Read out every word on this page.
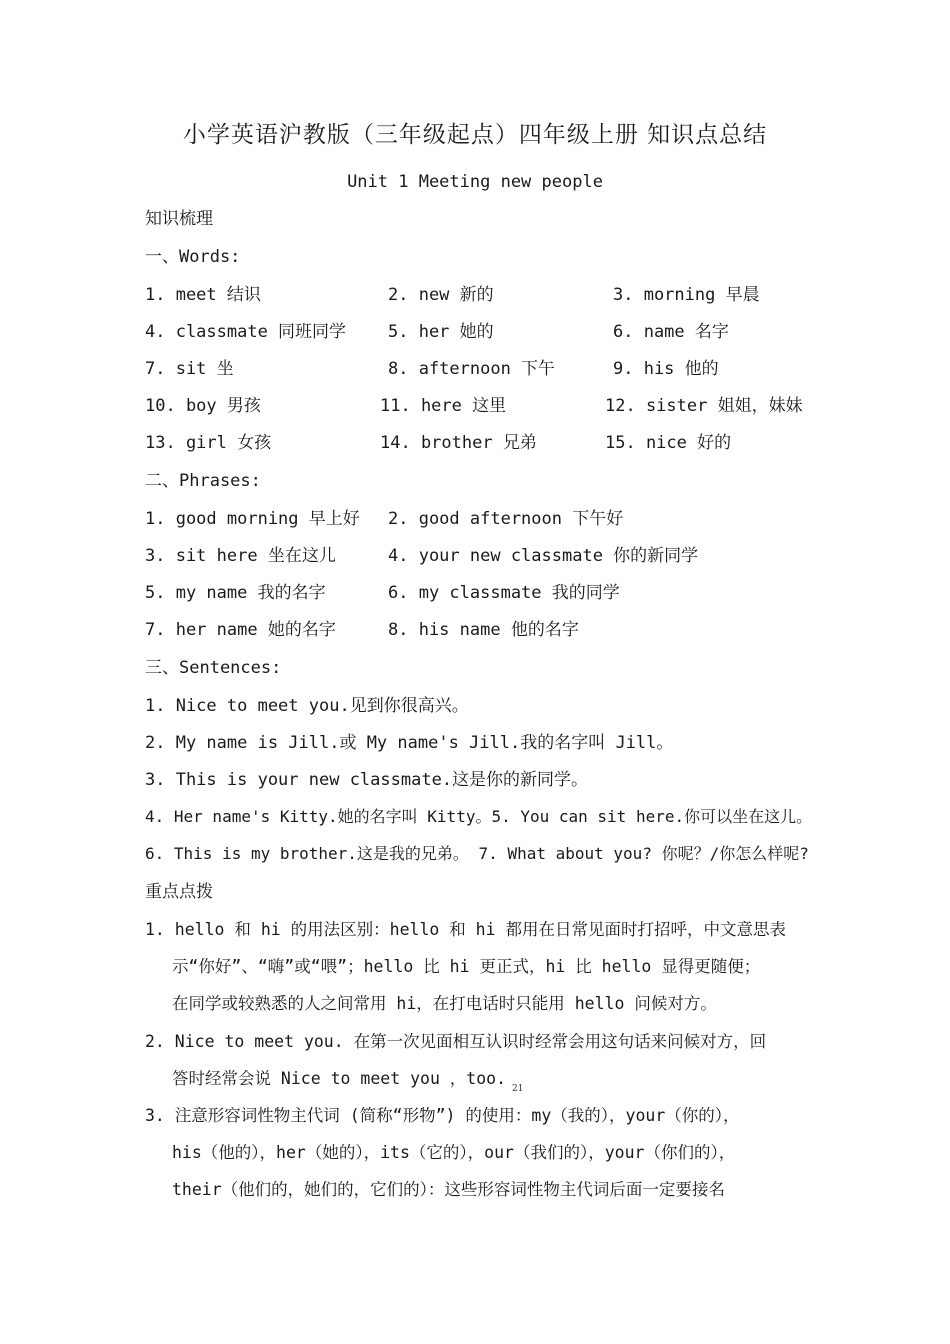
小学英语沪教版（三年级起点）四年级上册 知识点总结
Unit 1 Meeting new people
知识梳理
一、Words:
1. meet 结识	2. new 新的	3. morning 早晨
4. classmate 同班同学 5. her 她的	6. name 名字
7. sit 坐	8. afternoon 下午	9. his 他的
10. boy 男孩	11. here 这里	12. sister 姐姐，妹妹
13. girl 女孩	14. brother 兄弟	15. nice 好的
二、Phrases:
1. good morning 早上好 2. good afternoon 下午好
3. sit here 坐在这儿	4. your new classmate 你的新同学
5. my name 我的名字	6. my classmate 我的同学
7. her name 她的名字	8. his name 他的名字
三、Sentences:
1. Nice to meet you.见到你很高兴。
2. My name is Jill.或 My name's Jill.我的名字叫 Jill。
3. This is your new classmate.这是你的新同学。
4. Her name's Kitty.她的名字叫 Kitty。5. You can sit here.你可以坐在这儿。
6. This is my brother.这是我的兄弟。 7. What about you? 你呢？/你怎么样呢?
重点点拨
1. hello 和 hi 的用法区别：hello 和 hi 都用在日常见面时打招呼，中文意思表
示“你好”、“嗨”或“喂”；hello 比 hi 更正式，hi 比 hello 显得更随便；
在同学或较熟悉的人之间常用 hi，在打电话时只能用 hello 问候对方。
2. Nice to meet you. 在第一次见面相互认识时经常会用这句话来问候对方，回
答时经常会说 Nice to meet you ，too.
3. 注意形容词性物主代词 (简称“形物”) 的使用：my（我的），your（你的），
his（他的），her（她的），its（它的），our（我们的），your（你们的），
their（他们的，她们的，它们的）：这些形容词性物主代词后面一定要接名
21
